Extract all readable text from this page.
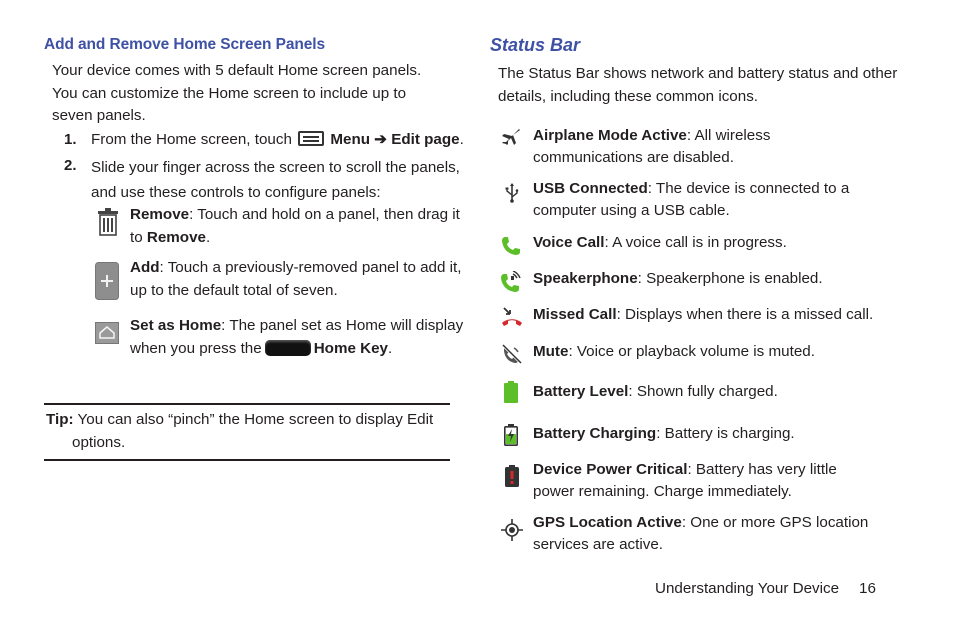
Add and Remove Home Screen Panels
Your device comes with 5 default Home screen panels.
You can customize the Home screen to include up to
seven panels.
1. From the Home screen, touch	Menu ➔ Edit page.
2. Slide your finger across the screen to scroll the panels,
and use these controls to configure panels:
Remove: Touch and hold on a panel, then drag it
to Remove.
Add: Touch a previously-removed panel to add it,
up to the default total of seven.
Set as Home: The panel set as Home will display
when you press the	Home Key.
Tip: You can also “pinch” the Home screen to display Edit
options.
Status Bar
The Status Bar shows network and battery status and other
details, including these common icons.
Airplane Mode Active: All wireless
communications are disabled.
USB Connected: The device is connected to a
computer using a USB cable.
Voice Call: A voice call is in progress.
Speakerphone: Speakerphone is enabled.
Missed Call: Displays when there is a missed call.
Mute: Voice or playback volume is muted.
Battery Level: Shown fully charged.
Battery Charging: Battery is charging.
Device Power Critical: Battery has very little
power remaining. Charge immediately.
GPS Location Active: One or more GPS location
services are active.
Understanding Your Device 16
